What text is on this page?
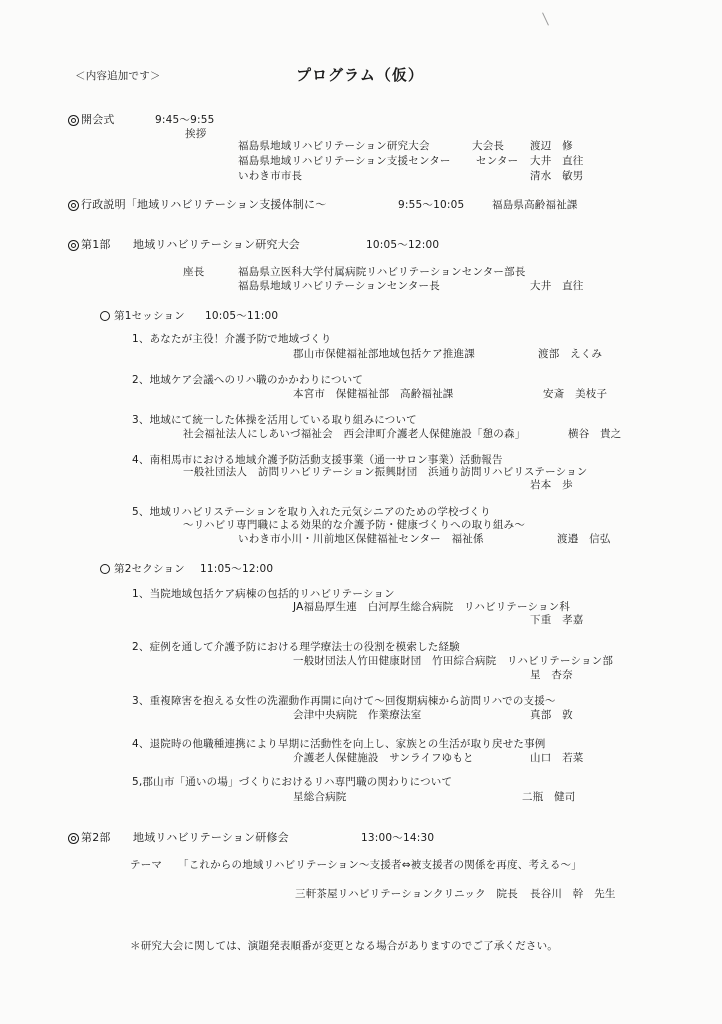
＜内容追加です＞	プログラム（仮）
開会式	9:45～9:55
挨拶
福島県地域リハビリテーション研究大会	大会長 渡辺　修
福島県地域リハビリテーション支援センター センター 大井　直往
いわき市市長	清水　敏男
行政説明「地域リハビリテーション支援体制に～	9:55～10:05	福島県高齢福祉課
第1部　　地域リハビリテーション研究大会	10:05～12:00
座長	福島県立医科大学付属病院リハビリテーションセンター部長
福島県地域リハビリテーションセンター長	大井　直往
第1セッション 10:05～11:00
1、あなたが主役！介護予防で地域づくり
郡山市保健福祉部地域包括ケア推進課	渡部　えくみ
2、地域ケア会議へのリハ職のかかわりについて
本宮市　保健福祉部　高齢福祉課	安斎　美枝子
3、地域にて統一した体操を活用している取り組みについて
社会福祉法人にしあいづ福祉会　西会津町介護老人保健施設「憩の森」	横谷　貴之
4、南相馬市における地域介護予防活動支援事業（通一サロン事業）活動報告
一般社団法人　訪問リハビリテーション振興財団　浜通り訪問リハビリステーション
岩本　歩
5、地域リハビリステーションを取り入れた元気シニアのための学校づくり
～リハビリ専門職による効果的な介護予防・健康づくりへの取り組み～
いわき市小川・川前地区保健福祉センター　福祉係	渡邉　信弘
第2セクション 11:05～12:00
1、当院地域包括ケア病棟の包括的リハビリテーション
JA福島厚生連　白河厚生総合病院　リハビリテーション科
下重　孝嘉
2、症例を通して介護予防における理学療法士の役割を模索した経験
一般財団法人竹田健康財団　竹田綜合病院　リハビリテーション部
星　杏奈
3、重複障害を抱える女性の洗濯動作再開に向けて～回復期病棟から訪問リハでの支援～
会津中央病院　作業療法室	真部　敦
4、退院時の他職種連携により早期に活動性を向上し、家族との生活が取り戻せた事例
介護老人保健施設　サンライフゆもと	山口　若菜
5,郡山市「通いの場」づくりにおけるリハ専門職の関わりについて
星総合病院	二瓶　健司
第2部　　地域リハビリテーション研修会	13:00～14:30
テーマ 「これからの地域リハビリテーション～支援者⇔被支援者の関係を再度、考える～」
三軒茶屋リハビリテーションクリニック　院長 長谷川　幹　先生
＊研究大会に関しては、演題発表順番が変更となる場合がありますのでご了承ください。
